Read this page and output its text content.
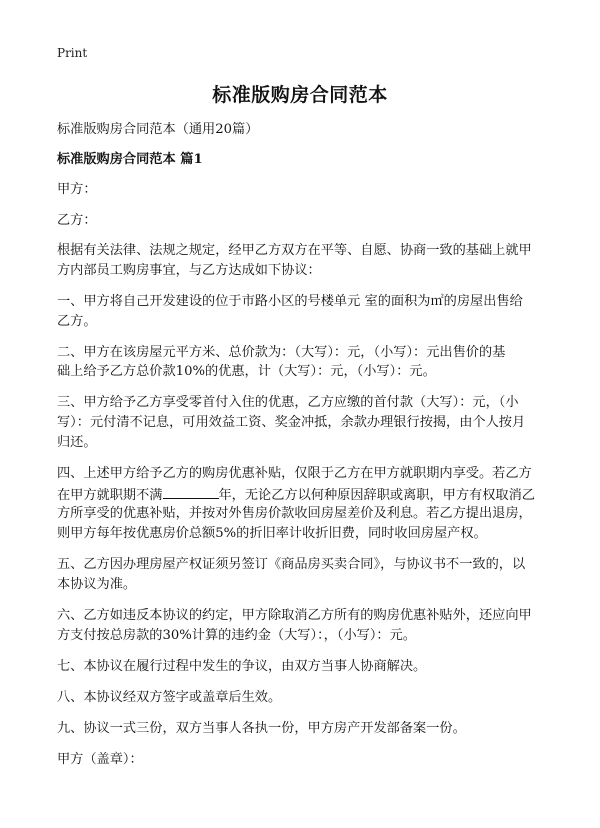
Print
标准版购房合同范本
标准版购房合同范本（通用20篇）
标准版购房合同范本 篇1
甲方：
乙方：
根据有关法律、法规之规定，经甲乙方双方在平等、自愿、协商一致的基础上就甲
方内部员工购房事宜，与乙方达成如下协议：
一、甲方将自己开发建设的位于市路小区的号楼单元 室的面积为㎡的房屋出售给
乙方。
二、甲方在该房屋元平方米、总价款为：（大写）：元，（小写）：元出售价的基
础上给予乙方总价款10%的优惠，计（大写）：元，（小写）：元。
三、甲方给予乙方享受零首付入住的优惠，乙方应缴的首付款（大写）：元，（小
写）：元付清不记息，可用效益工资、奖金冲抵，余款办理银行按揭，由个人按月
归还。
四、上述甲方给予乙方的购房优惠补贴，仅限于乙方在甲方就职期内享受。若乙方
在甲方就职期不满	年，无论乙方以何种原因辞职或离职，甲方有权取消乙
方所享受的优惠补贴，并按对外售房价款收回房屋差价及利息。若乙方提出退房，
则甲方每年按优惠房价总额5%的折旧率计收折旧费，同时收回房屋产权。
五、乙方因办理房屋产权证须另签订《商品房买卖合同》，与协议书不一致的，以
本协议为准。
六、乙方如违反本协议的约定，甲方除取消乙方所有的购房优惠补贴外，还应向甲
方支付按总房款的30%计算的违约金（大写）：，（小写）：元。
七、本协议在履行过程中发生的争议，由双方当事人协商解决。
八、本协议经双方签字或盖章后生效。
九、协议一式三份，双方当事人各执一份，甲方房产开发部备案一份。
甲方（盖章）：
